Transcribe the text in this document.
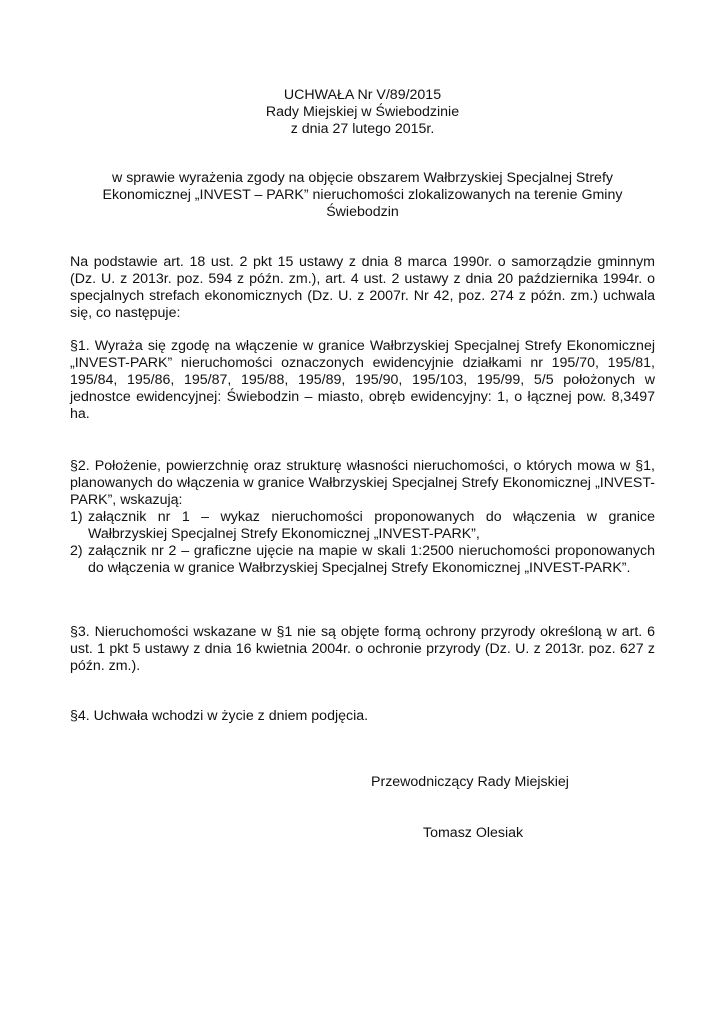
UCHWAŁA Nr V/89/2015
Rady Miejskiej w Świebodzinie
z dnia 27 lutego 2015r.
w sprawie wyrażenia zgody na objęcie obszarem Wałbrzyskiej Specjalnej Strefy Ekonomicznej „INVEST – PARK” nieruchomości zlokalizowanych na terenie Gminy Świebodzin
Na podstawie art. 18 ust. 2 pkt 15 ustawy z dnia 8 marca 1990r. o samorządzie gminnym (Dz. U. z 2013r. poz. 594 z późn. zm.), art. 4 ust. 2 ustawy z dnia 20 października 1994r. o specjalnych strefach ekonomicznych (Dz. U. z 2007r. Nr 42, poz. 274 z późn. zm.) uchwala się, co następuje:
§1. Wyraża się zgodę na włączenie w granice Wałbrzyskiej Specjalnej Strefy Ekonomicznej „INVEST-PARK” nieruchomości oznaczonych ewidencyjnie działkami nr 195/70, 195/81, 195/84, 195/86, 195/87, 195/88, 195/89, 195/90, 195/103, 195/99, 5/5 położonych w jednostce ewidencyjnej: Świebodzin – miasto, obręb ewidencyjny: 1, o łącznej pow. 8,3497 ha.
§2. Położenie, powierzchnię oraz strukturę własności nieruchomości, o których mowa w §1, planowanych do włączenia w granice Wałbrzyskiej Specjalnej Strefy Ekonomicznej „INVEST-PARK”, wskazują:
1) załącznik nr 1 – wykaz nieruchomości proponowanych do włączenia w granice Wałbrzyskiej Specjalnej Strefy Ekonomicznej „INVEST-PARK”,
2) załącznik nr 2 – graficzne ujęcie na mapie w skali 1:2500 nieruchomości proponowanych do włączenia w granice Wałbrzyskiej Specjalnej Strefy Ekonomicznej „INVEST-PARK”.
§3. Nieruchomości wskazane w §1 nie są objęte formą ochrony przyrody określoną w art. 6 ust. 1 pkt 5 ustawy z dnia 16 kwietnia 2004r. o ochronie przyrody (Dz. U. z 2013r. poz. 627 z późn. zm.).
§4. Uchwała wchodzi w życie z dniem podjęcia.
Przewodniczący Rady Miejskiej
Tomasz Olesiak
